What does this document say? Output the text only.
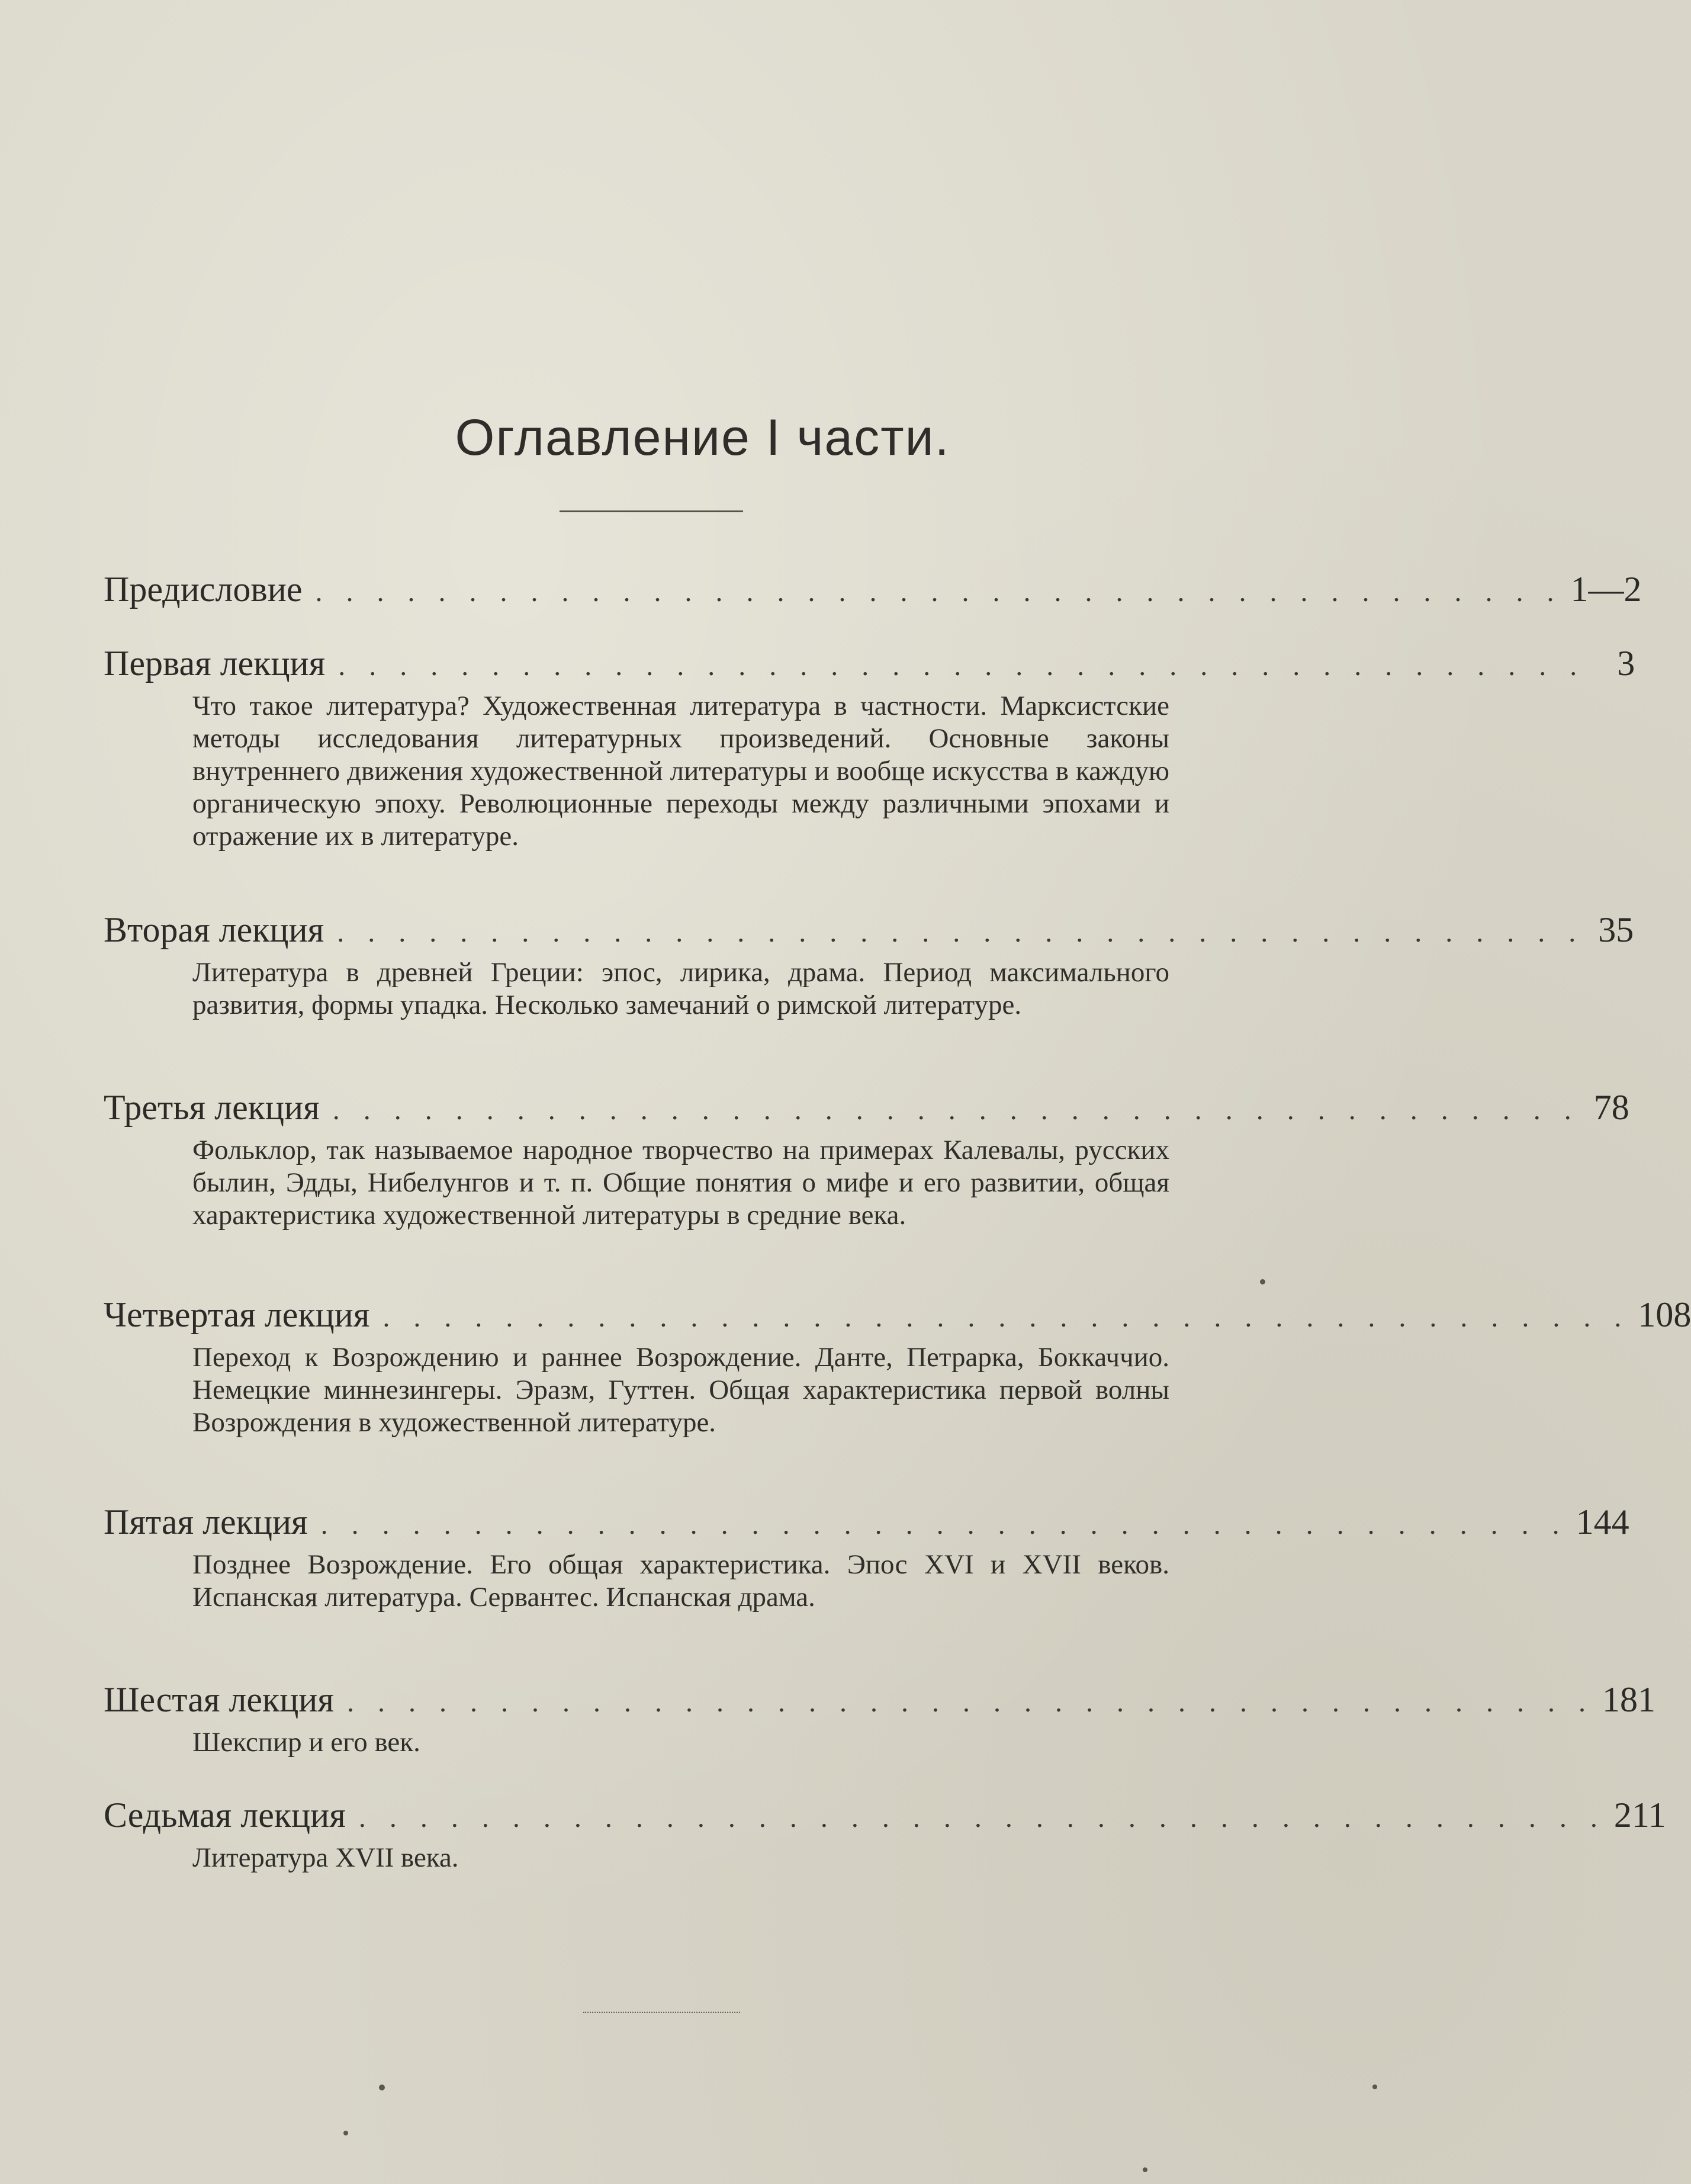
Оглавление I части.
Предисловие . . . . . . . . . . . . . . . . . . . . . . . . . . . . . . . . . . . . . . . . . 1—2
Первая лекция . . . . . . . . . . . . . . . . . . . . . . . . . . . . . . . . . . . . . . . . . 3
Что такое литература? Художественная литература в частности. Марксистские методы исследования литературных произведений. Основные законы внутреннего движения художественной литературы и вообще искусства в каждую органическую эпоху. Революционные переходы между различными эпохами и отражение их в литературе.
Вторая лекция . . . . . . . . . . . . . . . . . . . . . . . . . . . . . . . . . . . . . . . . . 35
Литература в древней Греции: эпос, лирика, драма. Период максимального развития, формы упадка. Несколько замечаний о римской литературе.
Третья лекция . . . . . . . . . . . . . . . . . . . . . . . . . . . . . . . . . . . . . . . . . 78
Фольклор, так называемое народное творчество на примерах Калевалы, русских былин, Эдды, Нибелунгов и т. п. Общие понятия о мифе и его развитии, общая характеристика художественной литературы в средние века.
Четвертая лекция . . . . . . . . . . . . . . . . . . . . . . . . . . . . . . . . . . . . . . . . . 108
Переход к Возрождению и раннее Возрождение. Данте, Петрарка, Боккаччио. Немецкие миннезингеры. Эразм, Гуттен. Общая характеристика первой волны Возрождения в художественной литературе.
Пятая лекция . . . . . . . . . . . . . . . . . . . . . . . . . . . . . . . . . . . . . . . . . 144
Позднее Возрождение. Его общая характеристика. Эпос XVI и XVII веков. Испанская литература. Сервантес. Испанская драма.
Шестая лекция . . . . . . . . . . . . . . . . . . . . . . . . . . . . . . . . . . . . . . . . . 181
Шекспир и его век.
Седьмая лекция . . . . . . . . . . . . . . . . . . . . . . . . . . . . . . . . . . . . . . . . . 211
Литература XVII века.
